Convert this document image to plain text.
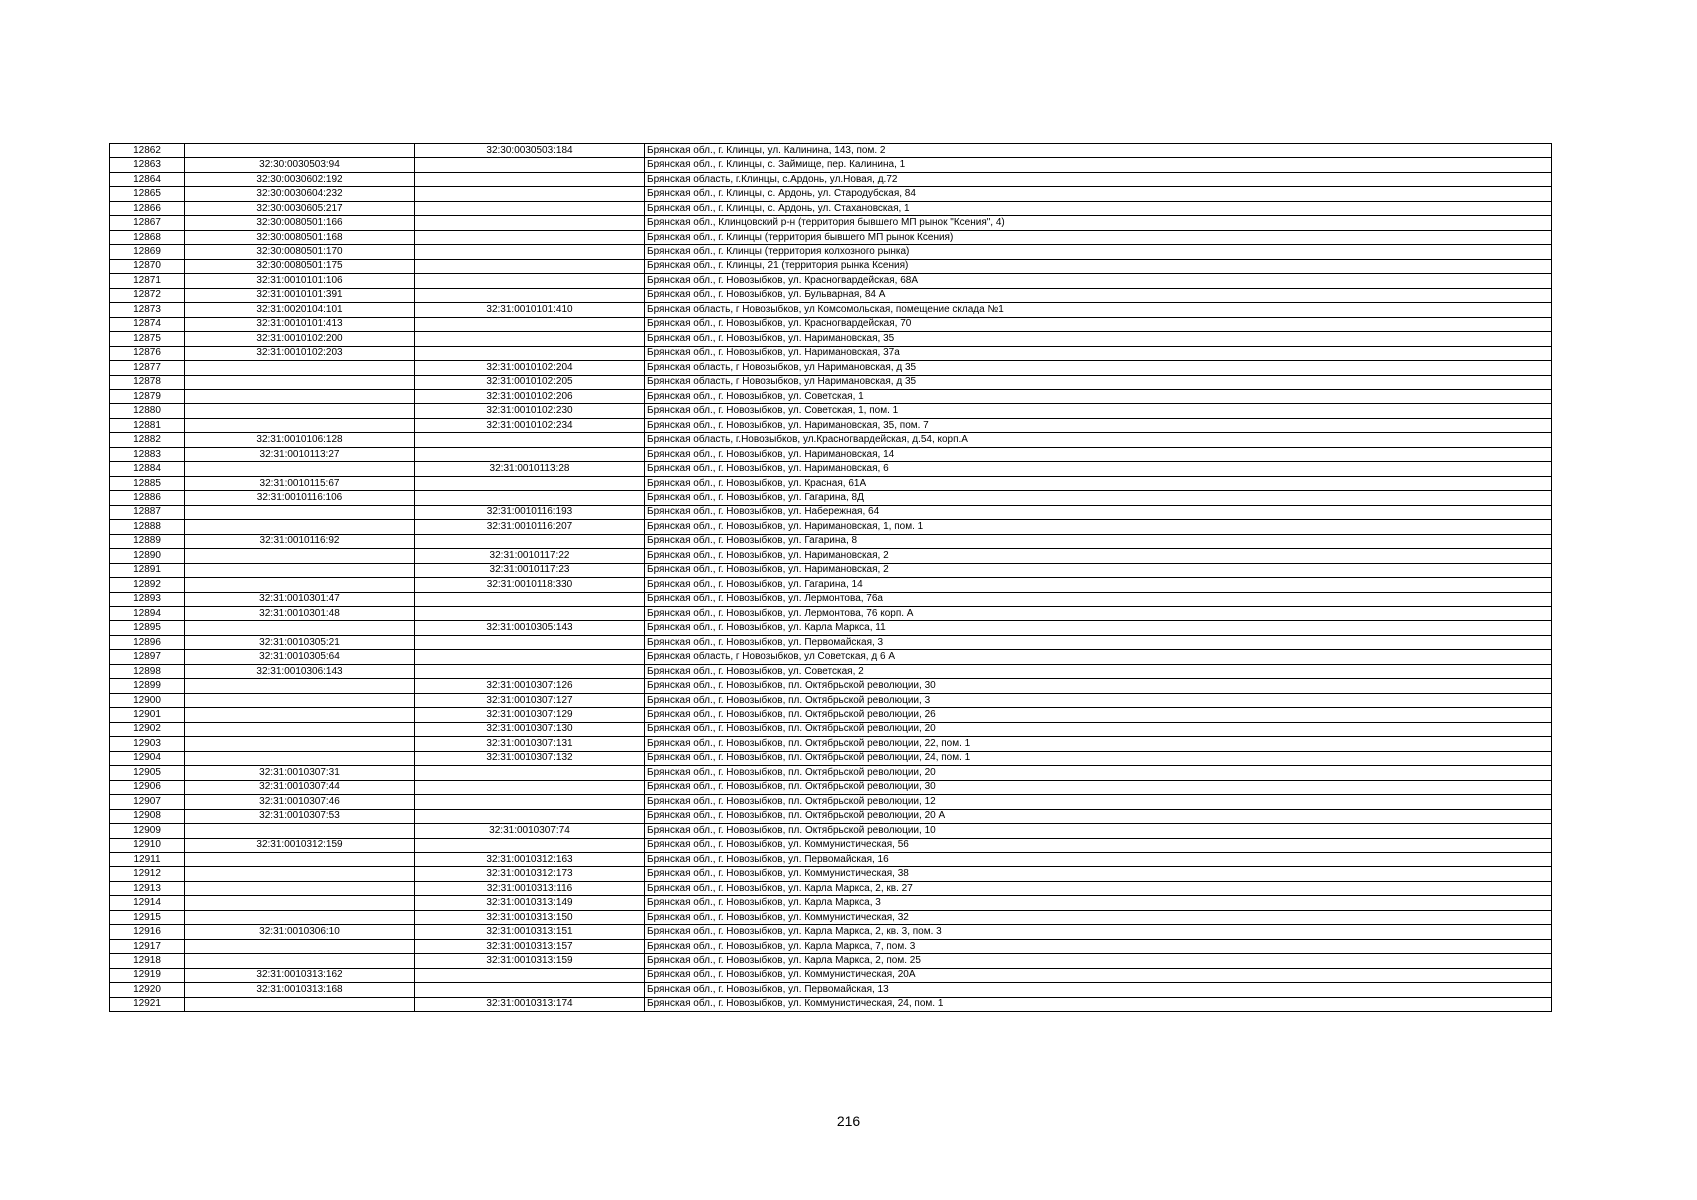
12862		32:30:0030503:184	Брянская обл., г. Клинцы, ул. Калинина, 143, пом. 2
12863	32:30:0030503:94		Брянская обл., г. Клинцы, с. Займище, пер. Калинина, 1
12864	32:30:0030602:192		Брянская область, г.Клинцы, с.Ардонь, ул.Новая, д.72
12865	32:30:0030604:232		Брянская обл., г. Клинцы, с. Ардонь, ул. Стародубская, 84
12866	32:30:0030605:217		Брянская обл., г. Клинцы, с. Ардонь, ул. Стахановская, 1
12867	32:30:0080501:166		Брянская обл., Клинцовский р-н (территория бывшего МП рынок "Ксения", 4)
12868	32:30:0080501:168		Брянская обл., г. Клинцы (территория бывшего МП рынок Ксения)
12869	32:30:0080501:170		Брянская обл., г. Клинцы (территория колхозного рынка)
12870	32:30:0080501:175		Брянская обл., г. Клинцы, 21 (территория рынка Ксения)
12871	32:31:0010101:106		Брянская обл., г. Новозыбков, ул. Красногвардейская, 68А
12872	32:31:0010101:391		Брянская обл., г. Новозыбков, ул. Бульварная, 84 А
12873	32:31:0020104:101	32:31:0010101:410	Брянская область, г Новозыбков, ул Комсомольская, помещение склада №1
12874	32:31:0010101:413		Брянская обл., г. Новозыбков, ул. Красногвардейская, 70
12875	32:31:0010102:200		Брянская обл., г. Новозыбков, ул. Наримановская, 35
12876	32:31:0010102:203		Брянская обл., г. Новозыбков, ул. Наримановская, 37а
12877		32:31:0010102:204	Брянская область, г Новозыбков, ул Наримановская, д 35
12878		32:31:0010102:205	Брянская область, г Новозыбков, ул Наримановская, д 35
12879		32:31:0010102:206	Брянская обл., г. Новозыбков, ул. Советская, 1
12880		32:31:0010102:230	Брянская обл., г. Новозыбков, ул. Советская, 1, пом. 1
12881		32:31:0010102:234	Брянская обл., г. Новозыбков, ул. Наримановская, 35, пом. 7
12882	32:31:0010106:128		Брянская область, г.Новозыбков, ул.Красногвардейская, д.54, корп.А
12883	32:31:0010113:27		Брянская обл., г. Новозыбков, ул. Наримановская, 14
12884		32:31:0010113:28	Брянская обл., г. Новозыбков, ул. Наримановская, 6
12885	32:31:0010115:67		Брянская обл., г. Новозыбков, ул. Красная, 61А
12886	32:31:0010116:106		Брянская обл., г. Новозыбков, ул. Гагарина, 8Д
12887		32:31:0010116:193	Брянская обл., г. Новозыбков, ул. Набережная, 64
12888		32:31:0010116:207	Брянская обл., г. Новозыбков, ул. Наримановская, 1, пом. 1
12889	32:31:0010116:92		Брянская обл., г. Новозыбков, ул. Гагарина, 8
12890		32:31:0010117:22	Брянская обл., г. Новозыбков, ул. Наримановская, 2
12891		32:31:0010117:23	Брянская обл., г. Новозыбков, ул. Наримановская, 2
12892		32:31:0010118:330	Брянская обл., г. Новозыбков, ул. Гагарина, 14
12893	32:31:0010301:47		Брянская обл., г. Новозыбков, ул. Лермонтова, 76а
12894	32:31:0010301:48		Брянская обл., г. Новозыбков, ул. Лермонтова, 76 корп. А
12895		32:31:0010305:143	Брянская обл., г. Новозыбков, ул. Карла Маркса, 11
12896	32:31:0010305:21		Брянская обл., г. Новозыбков, ул. Первомайская, 3
12897	32:31:0010305:64		Брянская область, г Новозыбков, ул Советская, д 6 А
12898	32:31:0010306:143		Брянская обл., г. Новозыбков, ул. Советская, 2
12899		32:31:0010307:126	Брянская обл., г. Новозыбков, пл. Октябрьской революции, 30
12900		32:31:0010307:127	Брянская обл., г. Новозыбков, пл. Октябрьской революции, 3
12901		32:31:0010307:129	Брянская обл., г. Новозыбков, пл. Октябрьской революции, 26
12902		32:31:0010307:130	Брянская обл., г. Новозыбков, пл. Октябрьской революции, 20
12903		32:31:0010307:131	Брянская обл., г. Новозыбков, пл. Октябрьской революции, 22, пом. 1
12904		32:31:0010307:132	Брянская обл., г. Новозыбков, пл. Октябрьской революции, 24, пом. 1
12905	32:31:0010307:31		Брянская обл., г. Новозыбков, пл. Октябрьской революции, 20
12906	32:31:0010307:44		Брянская обл., г. Новозыбков, пл. Октябрьской революции, 30
12907	32:31:0010307:46		Брянская обл., г. Новозыбков, пл. Октябрьской революции, 12
12908	32:31:0010307:53		Брянская обл., г. Новозыбков, пл. Октябрьской революции, 20 А
12909		32:31:0010307:74	Брянская обл., г. Новозыбков, пл. Октябрьской революции, 10
12910	32:31:0010312:159		Брянская обл., г. Новозыбков, ул. Коммунистическая, 56
12911		32:31:0010312:163	Брянская обл., г. Новозыбков, ул. Первомайская, 16
12912		32:31:0010312:173	Брянская обл., г. Новозыбков, ул. Коммунистическая, 38
12913		32:31:0010313:116	Брянская обл., г. Новозыбков, ул. Карла Маркса, 2, кв. 27
12914		32:31:0010313:149	Брянская обл., г. Новозыбков, ул. Карла Маркса, 3
12915		32:31:0010313:150	Брянская обл., г. Новозыбков, ул. Коммунистическая, 32
12916	32:31:0010306:10	32:31:0010313:151	Брянская обл., г. Новозыбков, ул. Карла Маркса, 2, кв. 3, пом. 3
12917		32:31:0010313:157	Брянская обл., г. Новозыбков, ул. Карла Маркса, 7, пом. 3
12918		32:31:0010313:159	Брянская обл., г. Новозыбков, ул. Карла Маркса, 2, пом. 25
12919	32:31:0010313:162		Брянская обл., г. Новозыбков, ул. Коммунистическая, 20А
12920	32:31:0010313:168		Брянская обл., г. Новозыбков, ул. Первомайская, 13
12921		32:31:0010313:174	Брянская обл., г. Новозыбков, ул. Коммунистическая, 24, пом. 1
216
